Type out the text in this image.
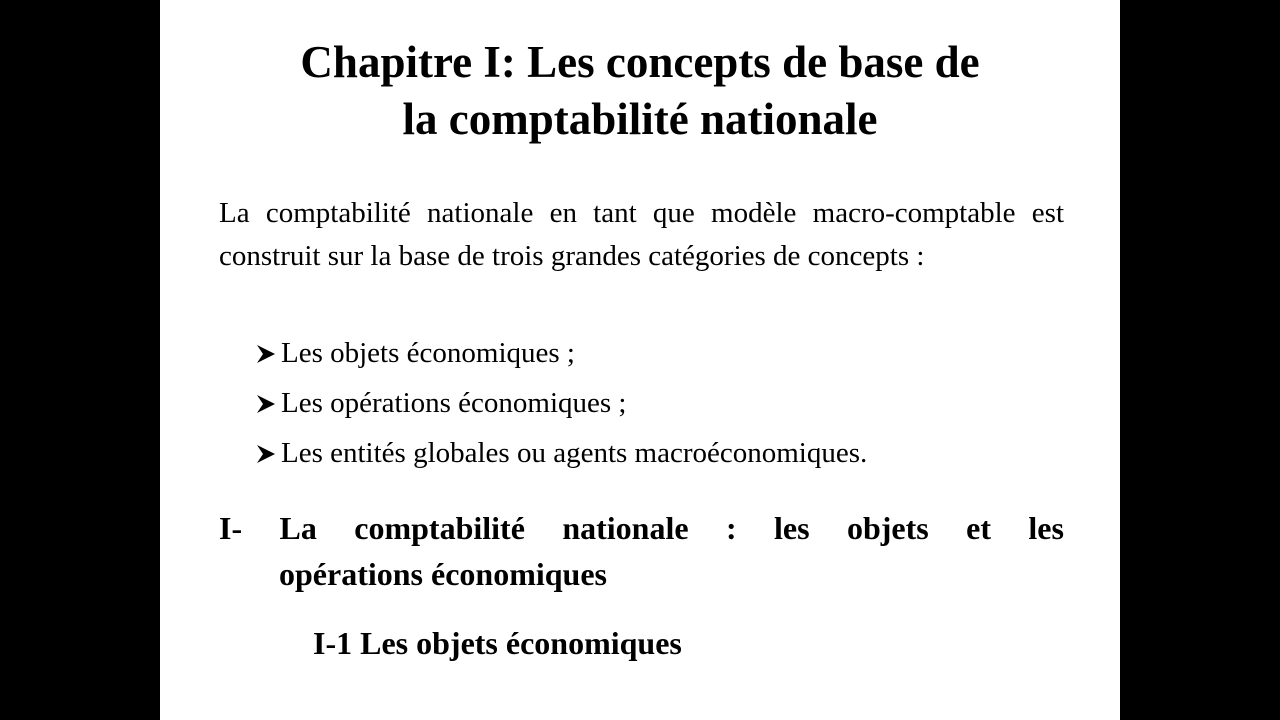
Chapitre I: Les concepts de base de
la comptabilité nationale

La comptabilité nationale en tant que modèle macro-comptable est construit sur la base de trois grandes catégories de concepts :

Les objets économiques ;
Les opérations économiques ;
Les entités globales ou agents macroéconomiques.
I- La comptabilité nationale : les objets et les
opérations économiques
I-1 Les objets économiques
